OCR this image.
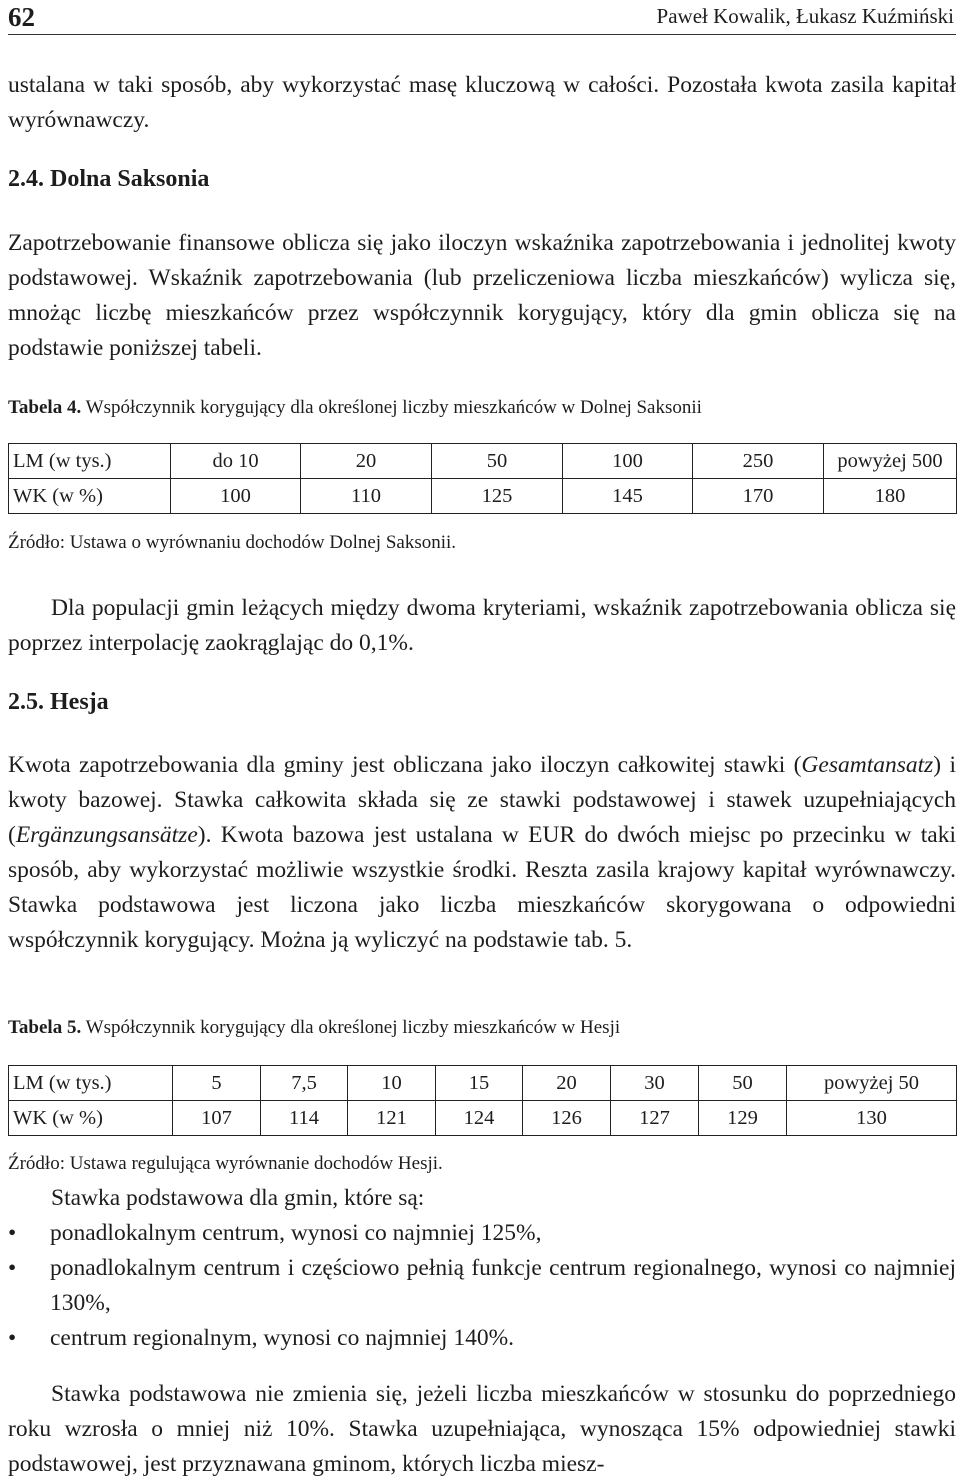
62	Paweł Kowalik, Łukasz Kuźmiński

ustalana w taki sposób, aby wykorzystać masę kluczową w całości. Pozostała kwota zasila kapitał wyrównawczy.

2.4. Dolna Saksonia

Zapotrzebowanie finansowe oblicza się jako iloczyn wskaźnika zapotrzebowania i jednolitej kwoty podstawowej. Wskaźnik zapotrzebowania (lub przeliczeniowa liczba mieszkańców) wylicza się, mnożąc liczbę mieszkańców przez współczynnik korygujący, który dla gmin oblicza się na podstawie poniższej tabeli.

Tabela 4. Współczynnik korygujący dla określonej liczby mieszkańców w Dolnej Saksonii

LM (w tys.)	do 10	20	50	100	250	powyżej 500
WK (w %)	100	110	125	145	170	180

Źródło: Ustawa o wyrównaniu dochodów Dolnej Saksonii.

Dla populacji gmin leżących między dwoma kryteriami, wskaźnik zapotrzebowania oblicza się poprzez interpolację zaokrąglając do 0,1%.

2.5. Hesja

Kwota zapotrzebowania dla gminy jest obliczana jako iloczyn całkowitej stawki (Gesamtansatz) i kwoty bazowej. Stawka całkowita składa się ze stawki podstawowej i stawek uzupełniających (Ergänzungsansätze). Kwota bazowa jest ustalana w EUR do dwóch miejsc po przecinku w taki sposób, aby wykorzystać możliwie wszystkie środki. Reszta zasila krajowy kapitał wyrównawczy. Stawka podstawowa jest liczona jako liczba mieszkańców skorygowana o odpowiedni współczynnik korygujący. Można ją wyliczyć na podstawie tab. 5.

Tabela 5. Współczynnik korygujący dla określonej liczby mieszkańców w Hesji

LM (w tys.)	5	7,5	10	15	20	30	50	powyżej 50
WK (w %)	107	114	121	124	126	127	129	130

Źródło: Ustawa regulująca wyrównanie dochodów Hesji.

Stawka podstawowa dla gmin, które są:

• ponadlokalnym centrum, wynosi co najmniej 125%,
• ponadlokalnym centrum i częściowo pełnią funkcje centrum regionalnego, wynosi co najmniej 130%,
• centrum regionalnym, wynosi co najmniej 140%.

Stawka podstawowa nie zmienia się, jeżeli liczba mieszkańców w stosunku do poprzedniego roku wzrosła o mniej niż 10%. Stawka uzupełniająca, wynosząca 15% odpowiedniej stawki podstawowej, jest przyznawana gminom, których liczba miesz-
